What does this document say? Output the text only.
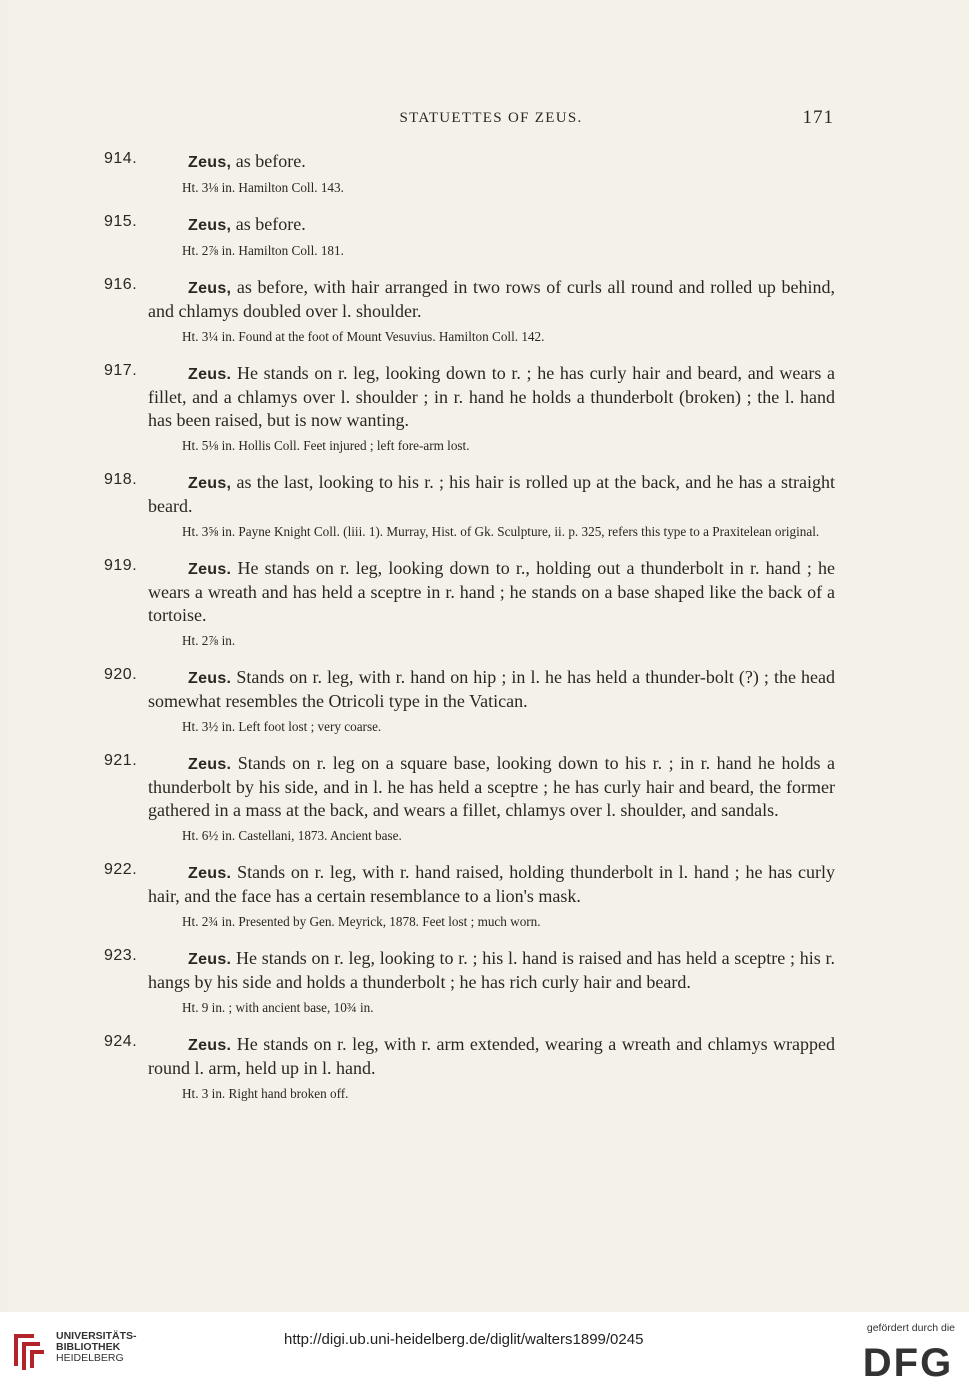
STATUETTES OF ZEUS.	171
914.	Zeus, as before.
Ht. 3⅛ in. Hamilton Coll. 143.
915.	Zeus, as before.
Ht. 2⅞ in. Hamilton Coll. 181.
916.	Zeus, as before, with hair arranged in two rows of curls all round and rolled up behind, and chlamys doubled over l. shoulder.
Ht. 3¼ in. Found at the foot of Mount Vesuvius. Hamilton Coll. 142.
917.	Zeus. He stands on r. leg, looking down to r. ; he has curly hair and beard, and wears a fillet, and a chlamys over l. shoulder ; in r. hand he holds a thunderbolt (broken) ; the l. hand has been raised, but is now wanting.
Ht. 5⅛ in. Hollis Coll. Feet injured ; left fore-arm lost.
918.	Zeus, as the last, looking to his r. ; his hair is rolled up at the back, and he has a straight beard.
Ht. 3⅝ in. Payne Knight Coll. (liii. 1). Murray, Hist. of Gk. Sculpture, ii. p. 325, refers this type to a Praxitelean original.
919.	Zeus. He stands on r. leg, looking down to r., holding out a thunderbolt in r. hand ; he wears a wreath and has held a sceptre in r. hand ; he stands on a base shaped like the back of a tortoise.
Ht. 2⅞ in.
920.	Zeus. Stands on r. leg, with r. hand on hip ; in l. he has held a thunder-bolt (?) ; the head somewhat resembles the Otricoli type in the Vatican.
Ht. 3½ in. Left foot lost ; very coarse.
921.	Zeus. Stands on r. leg on a square base, looking down to his r. ; in r. hand he holds a thunderbolt by his side, and in l. he has held a sceptre ; he has curly hair and beard, the former gathered in a mass at the back, and wears a fillet, chlamys over l. shoulder, and sandals.
Ht. 6½ in. Castellani, 1873. Ancient base.
922.	Zeus. Stands on r. leg, with r. hand raised, holding thunderbolt in l. hand ; he has curly hair, and the face has a certain resemblance to a lion's mask.
Ht. 2¾ in. Presented by Gen. Meyrick, 1878. Feet lost ; much worn.
923.	Zeus. He stands on r. leg, looking to r. ; his l. hand is raised and has held a sceptre ; his r. hangs by his side and holds a thunderbolt ; he has rich curly hair and beard.
Ht. 9 in. ; with ancient base, 10¾ in.
924.	Zeus. He stands on r. leg, with r. arm extended, wearing a wreath and chlamys wrapped round l. arm, held up in l. hand.
Ht. 3 in. Right hand broken off.
UNIVERSITÄTS-
BIBLIOTHEK
HEIDELBERG
http://digi.ub.uni-heidelberg.de/diglit/walters1899/0245
gefördert durch die
DFG
